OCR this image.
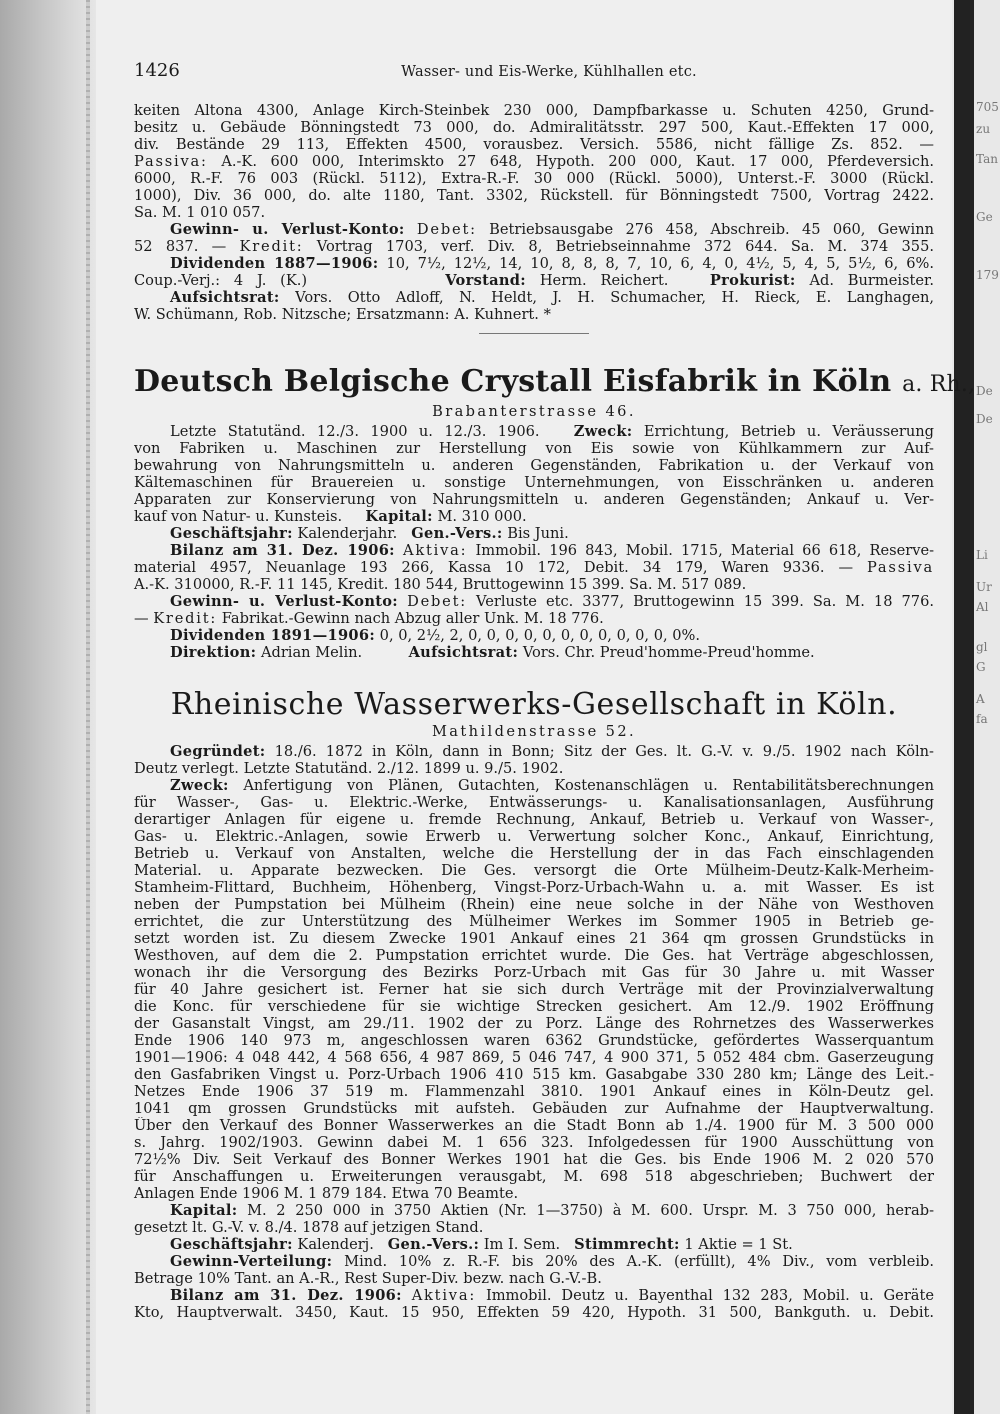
705
zu
Tan
Ge
179
De
De
Li
Ur
Al
gl
G
A
fa
1426	Wasser- und Eis-Werke, Kühlhallen etc.

keiten Altona 4300, Anlage Kirch-Steinbek 230 000, Dampfbarkasse u. Schuten 4250, Grund-

besitz u. Gebäude Bönningstedt 73 000, do. Admiralitätsstr. 297 500, Kaut.-Effekten 17 000,

div. Bestände 29 113, Effekten 4500, vorausbez. Versich. 5586, nicht fällige Zs. 852. —

Passiva: A.-K. 600 000, Interimskto 27 648, Hypoth. 200 000, Kaut. 17 000, Pferdeversich.

6000, R.-F. 76 003 (Rückl. 5112), Extra-R.-F. 30 000 (Rückl. 5000), Unterst.-F. 3000 (Rückl.

1000), Div. 36 000, do. alte 1180, Tant. 3302, Rückstell. für Bönningstedt 7500, Vortrag 2422.

Sa. M. 1 010 057.

Gewinn- u. Verlust-Konto: Debet: Betriebsausgabe 276 458, Abschreib. 45 060, Gewinn

52 837. — Kredit: Vortrag 1703, verf. Div. 8, Betriebseinnahme 372 644. Sa. M. 374 355.

Dividenden 1887—1906: 10, 7½, 12½, 14, 10, 8, 8, 8, 7, 10, 6, 4, 0, 4½, 5, 4, 5, 5½, 6, 6%.

Coup.-Verj.: 4 J. (K.)	Vorstand: Herm. Reichert.	Prokurist: Ad. Burmeister.

Aufsichtsrat: Vors. Otto Adloff, N. Heldt, J. H. Schumacher, H. Rieck, E. Langhagen,

W. Schümann, Rob. Nitzsche; Ersatzmann: A. Kuhnert. *

Deutsch Belgische Crystall Eisfabrik in Köln a. Rh.,
Brabanterstrasse 46.

Letzte Statutänd. 12./3. 1900 u. 12./3. 1906. Zweck: Errichtung, Betrieb u. Veräusserung

von Fabriken u. Maschinen zur Herstellung von Eis sowie von Kühlkammern zur Auf-

bewahrung von Nahrungsmitteln u. anderen Gegenständen, Fabrikation u. der Verkauf von

Kältemaschinen für Brauereien u. sonstige Unternehmungen, von Eisschränken u. anderen

Apparaten zur Konservierung von Nahrungsmitteln u. anderen Gegenständen; Ankauf u. Ver-

kauf von Natur- u. Kunsteis. Kapital: M. 310 000.

Geschäftsjahr: Kalenderjahr. Gen.-Vers.: Bis Juni.

Bilanz am 31. Dez. 1906: Aktiva: Immobil. 196 843, Mobil. 1715, Material 66 618, Reserve-

material 4957, Neuanlage 193 266, Kassa 10 172, Debit. 34 179, Waren 9336. — Passiva

A.-K. 310000, R.-F. 11 145, Kredit. 180 544, Bruttogewinn 15 399. Sa. M. 517 089.

Gewinn- u. Verlust-Konto: Debet: Verluste etc. 3377, Bruttogewinn 15 399. Sa. M. 18 776.

— Kredit: Fabrikat.-Gewinn nach Abzug aller Unk. M. 18 776.

Dividenden 1891—1906: 0, 0, 2½, 2, 0, 0, 0, 0, 0, 0, 0, 0, 0, 0, 0, 0%.

Direktion: Adrian Melin.	Aufsichtsrat: Vors. Chr. Preud'homme-Preud'homme.

Rheinische Wasserwerks-Gesellschaft in Köln.
Mathildenstrasse 52.

Gegründet: 18./6. 1872 in Köln, dann in Bonn; Sitz der Ges. lt. G.-V. v. 9./5. 1902 nach Köln-

Deutz verlegt. Letzte Statutänd. 2./12. 1899 u. 9./5. 1902.

Zweck: Anfertigung von Plänen, Gutachten, Kostenanschlägen u. Rentabilitätsberechnungen

für Wasser-, Gas- u. Elektric.-Werke, Entwässerungs- u. Kanalisationsanlagen, Ausführung

derartiger Anlagen für eigene u. fremde Rechnung, Ankauf, Betrieb u. Verkauf von Wasser-,

Gas- u. Elektric.-Anlagen, sowie Erwerb u. Verwertung solcher Konc., Ankauf, Einrichtung,

Betrieb u. Verkauf von Anstalten, welche die Herstellung der in das Fach einschlagenden

Material. u. Apparate bezwecken. Die Ges. versorgt die Orte Mülheim-Deutz-Kalk-Merheim-

Stamheim-Flittard, Buchheim, Höhenberg, Vingst-Porz-Urbach-Wahn u. a. mit Wasser. Es ist

neben der Pumpstation bei Mülheim (Rhein) eine neue solche in der Nähe von Westhoven

errichtet, die zur Unterstützung des Mülheimer Werkes im Sommer 1905 in Betrieb ge-

setzt worden ist. Zu diesem Zwecke 1901 Ankauf eines 21 364 qm grossen Grundstücks in

Westhoven, auf dem die 2. Pumpstation errichtet wurde. Die Ges. hat Verträge abgeschlossen,

wonach ihr die Versorgung des Bezirks Porz-Urbach mit Gas für 30 Jahre u. mit Wasser

für 40 Jahre gesichert ist. Ferner hat sie sich durch Verträge mit der Provinzialverwaltung

die Konc. für verschiedene für sie wichtige Strecken gesichert. Am 12./9. 1902 Eröffnung

der Gasanstalt Vingst, am 29./11. 1902 der zu Porz. Länge des Rohrnetzes des Wasserwerkes

Ende 1906 140 973 m, angeschlossen waren 6362 Grundstücke, gefördertes Wasserquantum

1901—1906: 4 048 442, 4 568 656, 4 987 869, 5 046 747, 4 900 371, 5 052 484 cbm. Gaserzeugung

den Gasfabriken Vingst u. Porz-Urbach 1906 410 515 km. Gasabgabe 330 280 km; Länge des Leit.-

Netzes Ende 1906 37 519 m. Flammenzahl 3810. 1901 Ankauf eines in Köln-Deutz gel.

1041 qm grossen Grundstücks mit aufsteh. Gebäuden zur Aufnahme der Hauptverwaltung.

Über den Verkauf des Bonner Wasserwerkes an die Stadt Bonn ab 1./4. 1900 für M. 3 500 000

s. Jahrg. 1902/1903. Gewinn dabei M. 1 656 323. Infolgedessen für 1900 Ausschüttung von

72½% Div. Seit Verkauf des Bonner Werkes 1901 hat die Ges. bis Ende 1906 M. 2 020 570

für Anschaffungen u. Erweiterungen verausgabt, M. 698 518 abgeschrieben; Buchwert der

Anlagen Ende 1906 M. 1 879 184. Etwa 70 Beamte.

Kapital: M. 2 250 000 in 3750 Aktien (Nr. 1—3750) à M. 600. Urspr. M. 3 750 000, herab-

gesetzt lt. G.-V. v. 8./4. 1878 auf jetzigen Stand.

Geschäftsjahr: Kalenderj. Gen.-Vers.: Im I. Sem. Stimmrecht: 1 Aktie = 1 St.

Gewinn-Verteilung: Mind. 10% z. R.-F. bis 20% des A.-K. (erfüllt), 4% Div., vom verbleib.

Betrage 10% Tant. an A.-R., Rest Super-Div. bezw. nach G.-V.-B.

Bilanz am 31. Dez. 1906: Aktiva: Immobil. Deutz u. Bayenthal 132 283, Mobil. u. Geräte

Kto, Hauptverwalt. 3450, Kaut. 15 950, Effekten 59 420, Hypoth. 31 500, Bankguth. u. Debit.
